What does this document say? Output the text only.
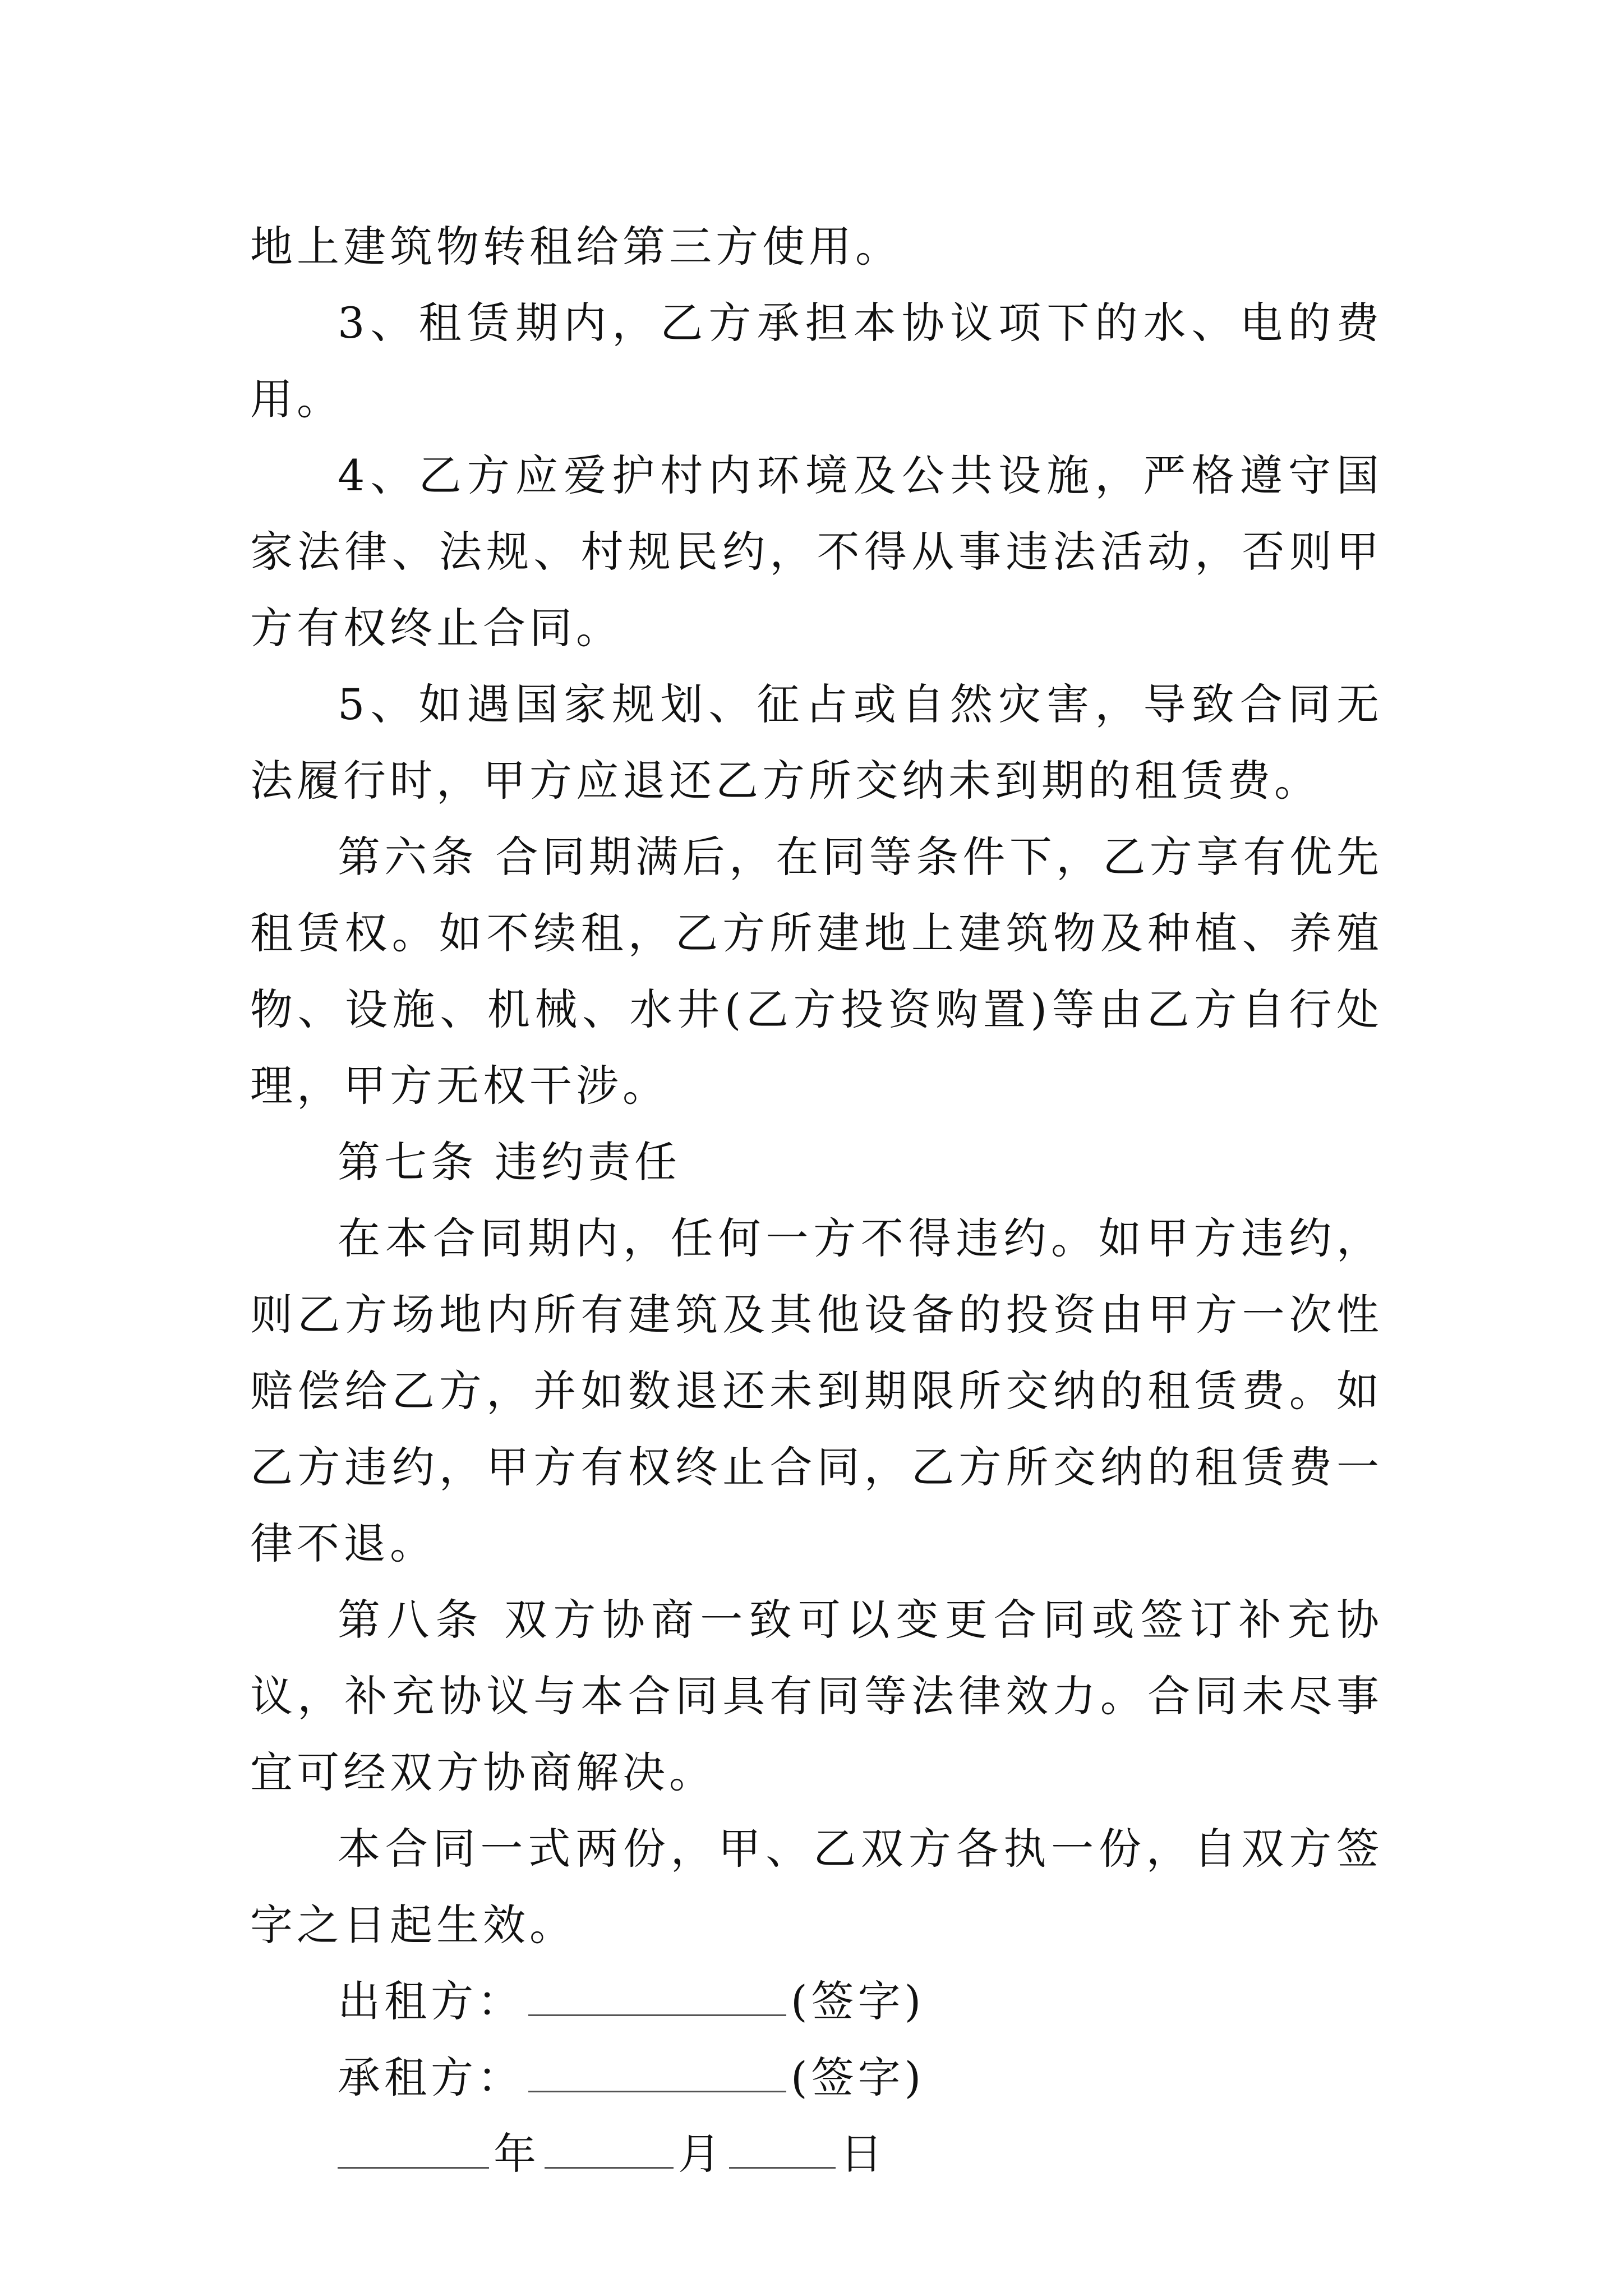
地上建筑物转租给第三方使用。

3、租赁期内，乙方承担本协议项下的水、电的费用。

4、乙方应爱护村内环境及公共设施，严格遵守国家法律、法规、村规民约，不得从事违法活动，否则甲方有权终止合同。

5、如遇国家规划、征占或自然灾害，导致合同无法履行时，甲方应退还乙方所交纳未到期的租赁费。

第六条 合同期满后，在同等条件下，乙方享有优先租赁权。如不续租，乙方所建地上建筑物及种植、养殖物、设施、机械、水井(乙方投资购置)等由乙方自行处理，甲方无权干涉。

第七条 违约责任

在本合同期内，任何一方不得违约。如甲方违约，则乙方场地内所有建筑及其他设备的投资由甲方一次性赔偿给乙方，并如数退还未到期限所交纳的租赁费。如乙方违约，甲方有权终止合同，乙方所交纳的租赁费一律不退。

第八条 双方协商一致可以变更合同或签订补充协议，补充协议与本合同具有同等法律效力。合同未尽事宜可经双方协商解决。

本合同一式两份，甲、乙双方各执一份，自双方签字之日起生效。

出租方：	(签字)

承租方：	(签字)

年	月	日
